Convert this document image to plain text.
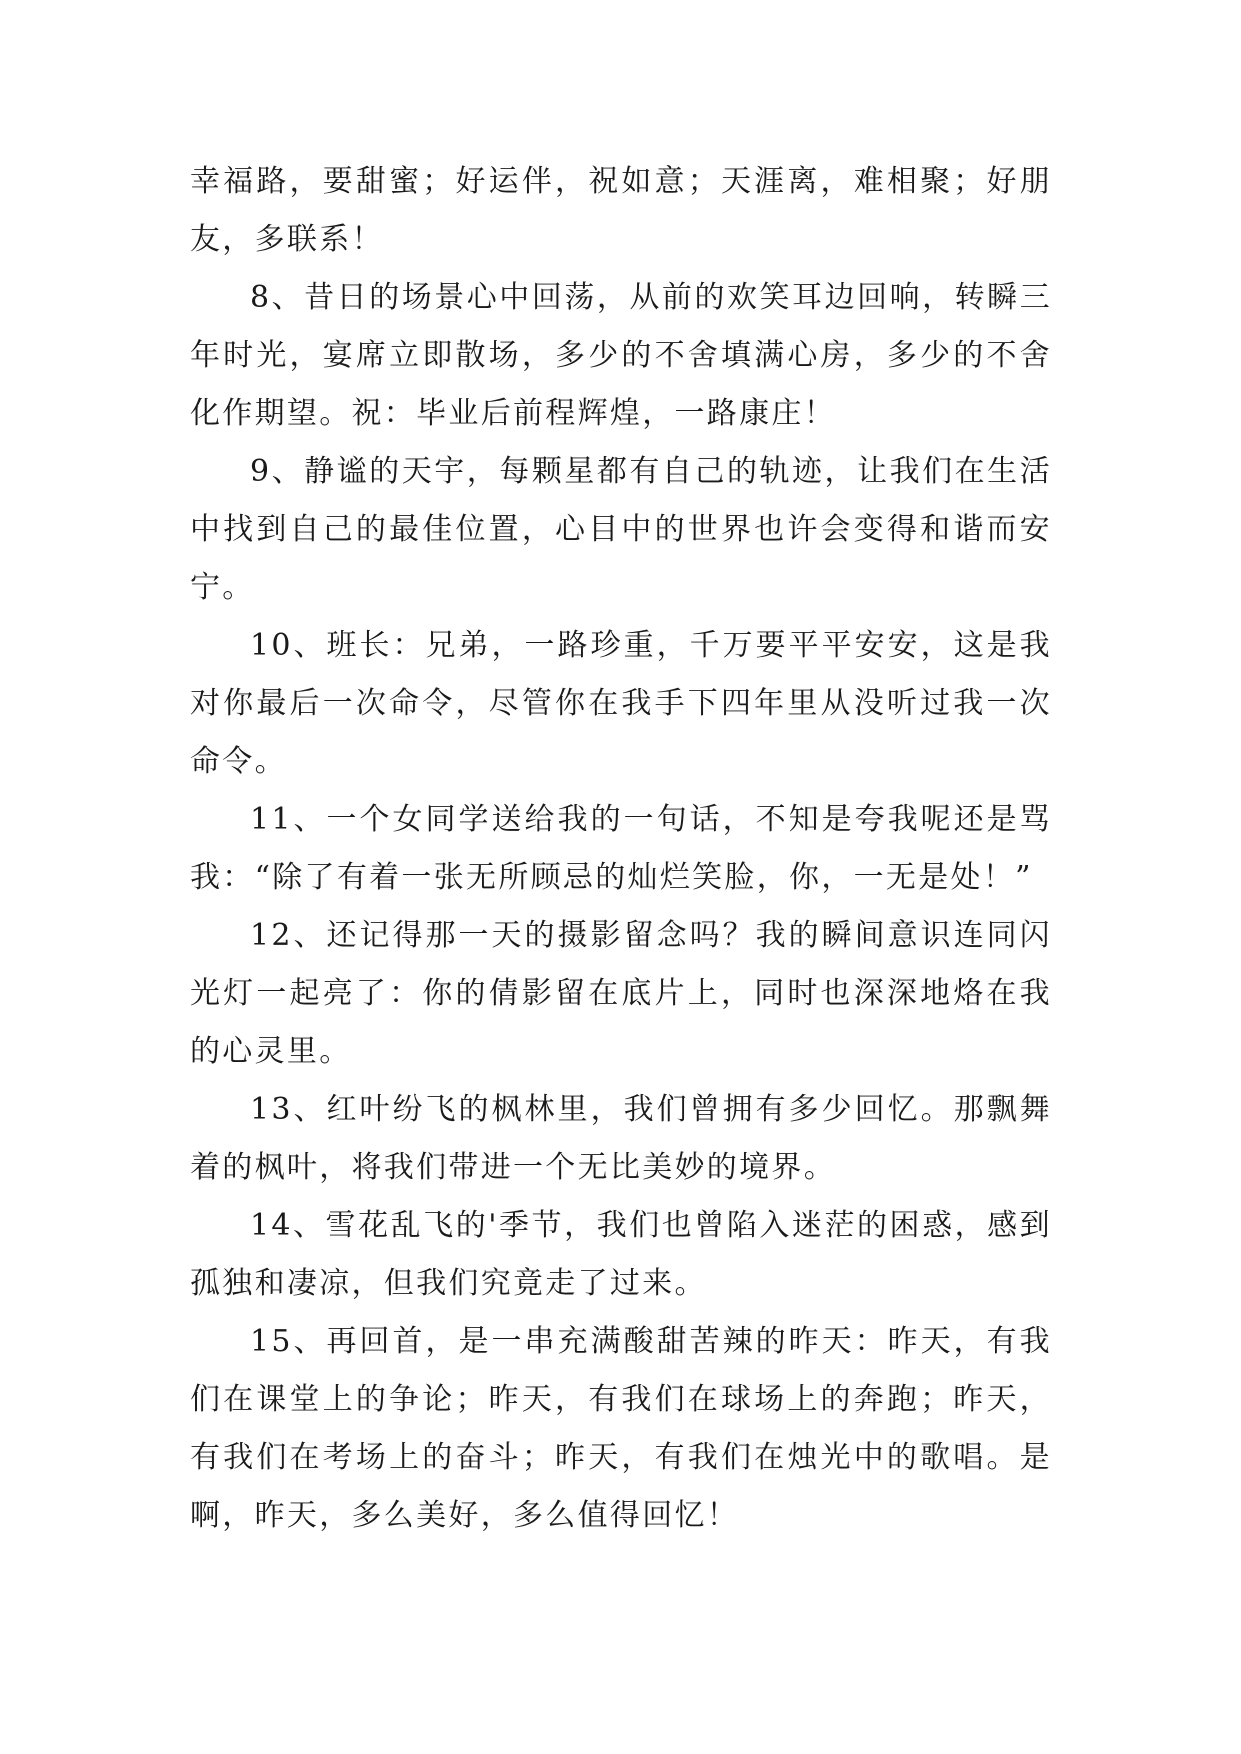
幸福路，要甜蜜；好运伴，祝如意；天涯离，难相聚；好朋友，多联系！

8、昔日的场景心中回荡，从前的欢笑耳边回响，转瞬三年时光，宴席立即散场，多少的不舍填满心房，多少的不舍化作期望。祝：毕业后前程辉煌，一路康庄！

9、静谧的天宇，每颗星都有自己的轨迹，让我们在生活中找到自己的最佳位置，心目中的世界也许会变得和谐而安宁。

10、班长：兄弟，一路珍重，千万要平平安安，这是我对你最后一次命令，尽管你在我手下四年里从没听过我一次命令。

11、一个女同学送给我的一句话，不知是夸我呢还是骂我：“除了有着一张无所顾忌的灿烂笑脸，你，一无是处！”

12、还记得那一天的摄影留念吗？我的瞬间意识连同闪光灯一起亮了：你的倩影留在底片上，同时也深深地烙在我的心灵里。

13、红叶纷飞的枫林里，我们曾拥有多少回忆。那飘舞着的枫叶，将我们带进一个无比美妙的境界。

14、雪花乱飞的'季节，我们也曾陷入迷茫的困惑，感到孤独和凄凉，但我们究竟走了过来。

15、再回首，是一串充满酸甜苦辣的昨天：昨天，有我们在课堂上的争论；昨天，有我们在球场上的奔跑；昨天，有我们在考场上的奋斗；昨天，有我们在烛光中的歌唱。是啊，昨天，多么美好，多么值得回忆！
